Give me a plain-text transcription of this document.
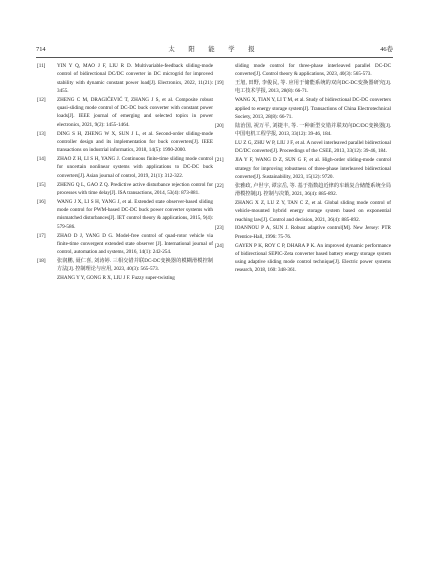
714	太 阳 能 学 报	46卷
[11] YIN Y Q, MAO J F, LIU R D. Multivariable-feedback sliding-mode control of bidirectional DC/DC converter in DC microgrid for improved stability with dynamic constant power load[J]. Electronics, 2022, 11(21): 3455.
[12] ZHENG C M, DRAGIČEVIĆ T, ZHANG J S, et al. Composite robust quasi-sliding mode control of DC-DC buck converter with constant power loads[J]. IEEE journal of emerging and selected topics in power electronics, 2021, 9(2): 1455-1464.
[13] DING S H, ZHENG W X, SUN J L, et al. Second-order sliding-mode controller design and its implementation for buck converters[J]. IEEE transactions on industrial informatics, 2018, 14(5): 1990-2000.
[14] ZHAO Z H, LI S H, YANG J. Continuous finite-time sliding mode control for uncertain nonlinear systems with applications to DC-DC buck converters[J]. Asian journal of control, 2019, 21(1): 312-322.
[15] ZHENG Q L, GAO Z Q. Predictive active disturbance rejection control for processes with time delay[J]. ISA transactions, 2014, 53(4): 873-881.
[16] WANG J X, LI S H, YANG J, et al. Extended state observer-based sliding mode control for PWM-based DC-DC buck power converter systems with mismatched disturbances[J]. IET control theory & applications, 2015, 9(4): 579-586.
[17] ZHAO D J, YANG D G. Model-free control of quad-rotor vehicle via finite-time convergent extended state observer [J]. International journal of control, automation and systems, 2016, 14(1): 242-254.
[18] 张润鹏, 聂仁喜, 刘涛婷. 三相交错并联DC-DC变换器的模糊滑模控制方法[J]. 控制理论与应用, 2023, 40(3): 565-573.
ZHANG Y Y, GONG R X, LIU J F. Fuzzy super-twisting
sliding mode control for three-phase interleaved parallel DC-DC converter[J]. Control theory & applications, 2023, 40(3): 565-573.
[19] 王旭, 田野, 李俊民, 等. 应用于储能系统的双向DC-DC变换器研究[J]. 电工技术学报, 2013, 28(8): 66-71.
WANG X, TIAN Y, LI T M, et al. Study of bidirectional DC-DC converters applied to energy storage system[J]. Transactions of China Electrotechnical Society, 2013, 28(8): 66-71.
[20] 陆治国, 祝万平, 刘捷丰, 等. 一种新型交错并联双向DC/DC变换器[J]. 中国电机工程学报, 2013, 33(12): 39-46, 184.
LU Z G, ZHU W P, LIU J F, et al. A novel interleaved parallel bidirectional DC/DC converter[J]. Proceedings of the CSEE, 2013, 33(12): 39-46, 184.
[21] JIA Y F, WANG D Z, SUN G F, et al. High-order sliding-mode control strategy for improving robustness of three-phase interleaved bidirectional converter[J]. Sustainability, 2023, 15(12): 9720.
[22] 张雅政, 卢世宇, 谭宗岳, 等. 基于指数趋近律的车载复合储能系统全局滑模控制[J]. 控制与决策, 2021, 36(4): 885-892.
ZHANG X Z, LU Z Y, TAN C Z, et al. Global sliding mode control of vehicle-mounted hybrid energy storage system based on exponential reaching law[J]. Control and decision, 2021, 36(4): 885-892.
[23] IOANNOU P A, SUN J. Robust adaptive control[M]. New Jersey: PTR Prentice-Hall, 1996: 75-76.
[24] GAYEN P K, ROY C P, DHARA P K. An improved dynamic performance of bidirectional SEPIC-Zeta converter based battery energy storage system using adaptive sliding mode control technique[J]. Electric power systems research, 2018, 160: 348-361.
